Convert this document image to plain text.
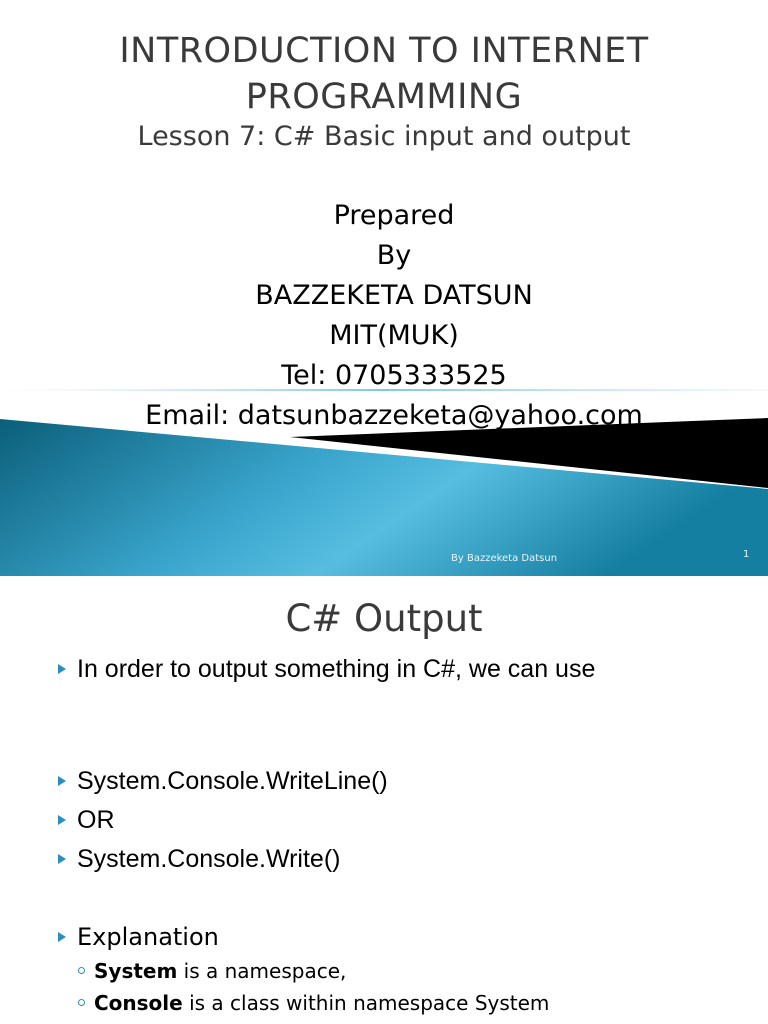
INTRODUCTION TO INTERNET
PROGRAMMING
Lesson 7: C# Basic input and output
Prepared
By
BAZZEKETA DATSUN
MIT(MUK)
Tel: 0705333525
Email: datsunbazzeketa@yahoo.com
By Bazzeketa Datsun	1
C# Output
In order to output something in C#, we can use
System.Console.WriteLine()
OR
System.Console.Write()
Explanation
System is a namespace,
Console is a class within namespace System
